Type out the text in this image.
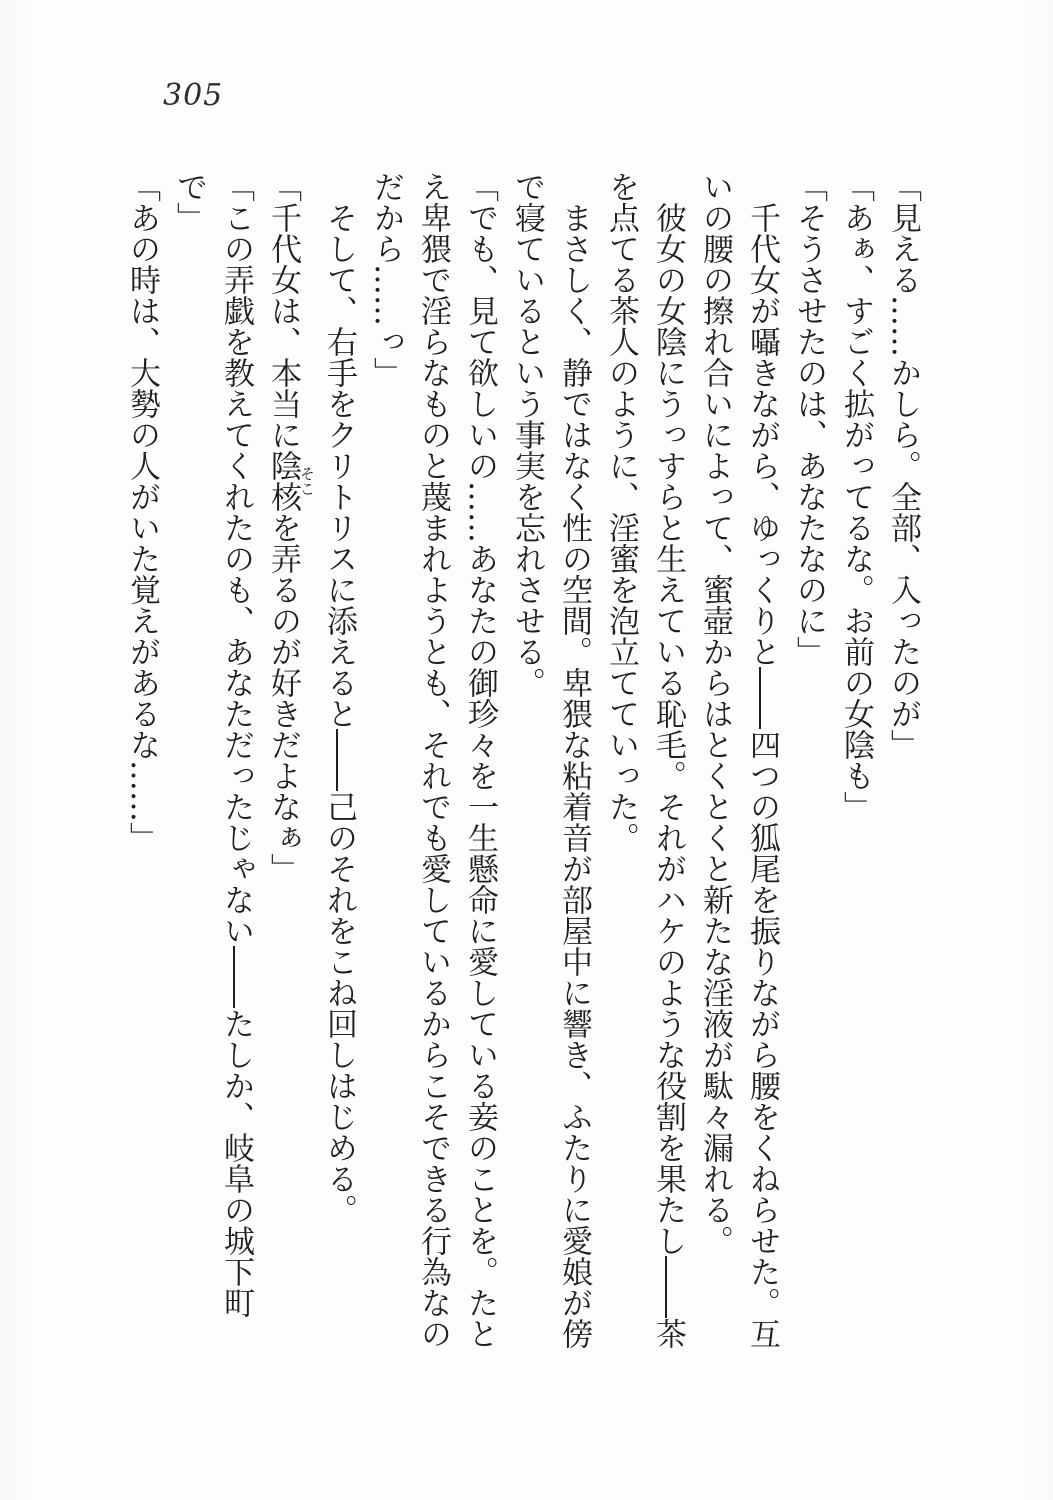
305

「見える……かしら。全部、入ったのが」

「あぁ、すごく拡がってるな。お前の女陰も」

「そうさせたのは、あなたなのに」

千代女が囁きながら、ゆっくりと――四つの狐尾を振りながら腰をくねらせた。互いの腰の擦れ合いによって、蜜壺からはとくとくと新たな淫液が駄々漏れる。

彼女の女陰にうっすらと生えている恥毛。それがハケのような役割を果たし――茶を点てる茶人のように、淫蜜を泡立てていった。

まさしく、静ではなく性の空間。卑猥な粘着音が部屋中に響き、ふたりに愛娘が傍で寝ているという事実を忘れさせる。

「でも、見て欲しいの……あなたの御珍々を一生懸命に愛している妾のことを。たとえ卑猥で淫らなものと蔑まれようとも、それでも愛しているからこそできる行為なのだから……っ」

そして、右手をクリトリスに添えると――己のそれをこね回しはじめる。

「千代女は、本当に陰核そこを弄るのが好きだよなぁ」

「この弄戯を教えてくれたのも、あなただったじゃない――たしか、岐阜の城下町で」

「あの時は、大勢の人がいた覚えがあるな……」
